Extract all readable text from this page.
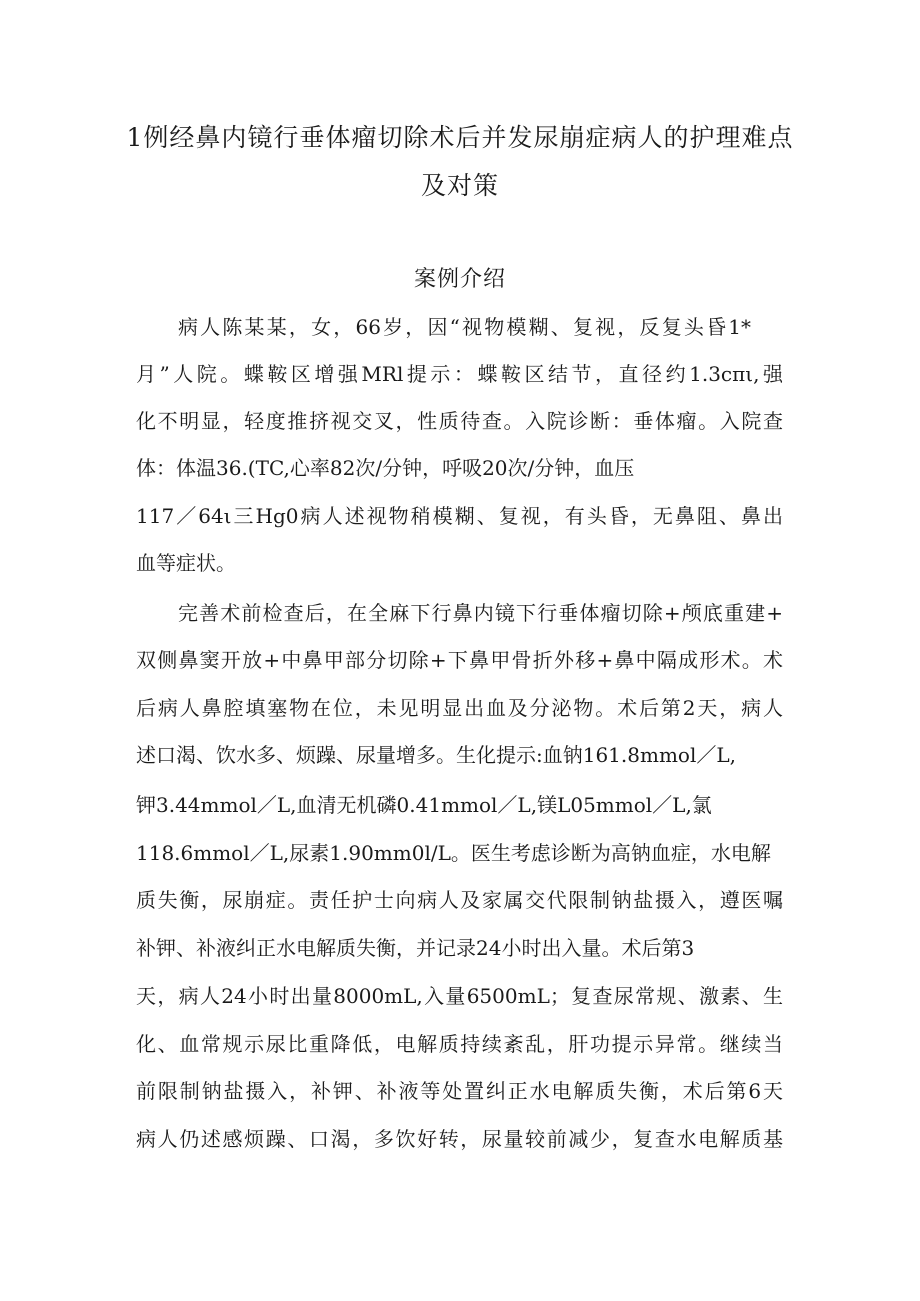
1例经鼻内镜行垂体瘤切除术后并发尿崩症病人的护理难点
及对策
案例介绍
病人陈某某，女，66岁，因“视物模糊、复视，反复头昏1*
月”人院。蝶鞍区增强MRl提示：蝶鞍区结节，直径约1.3cπι,强
化不明显，轻度推挤视交叉，性质待查。入院诊断：垂体瘤。入院查
体：体温36.(TC,心率82次/分钟，呼吸20次/分钟，血压
117／64ι三Hg0病人述视物稍模糊、复视，有头昏，无鼻阻、鼻出
血等症状。
完善术前检查后，在全麻下行鼻内镜下行垂体瘤切除+颅底重建+
双侧鼻窦开放+中鼻甲部分切除+下鼻甲骨折外移+鼻中隔成形术。术
后病人鼻腔填塞物在位，未见明显出血及分泌物。术后第2天，病人
述口渴、饮水多、烦躁、尿量增多。生化提示:血钠161.8mmol／L,
钾3.44mmol／L,血清无机磷0.41mmol／L,镁L05mmol／L,氯
118.6mmol／L,尿素1.90mm0l/L。医生考虑诊断为高钠血症，水电解
质失衡，尿崩症。责任护士向病人及家属交代限制钠盐摄入，遵医嘱
补钾、补液纠正水电解质失衡，并记录24小时出入量。术后第3
天，病人24小时出量8000mL,入量6500mL；复查尿常规、激素、生
化、血常规示尿比重降低，电解质持续紊乱，肝功提示异常。继续当
前限制钠盐摄入，补钾、补液等处置纠正水电解质失衡，术后第6天
病人仍述感烦躁、口渴，多饮好转，尿量较前减少，复查水电解质基
